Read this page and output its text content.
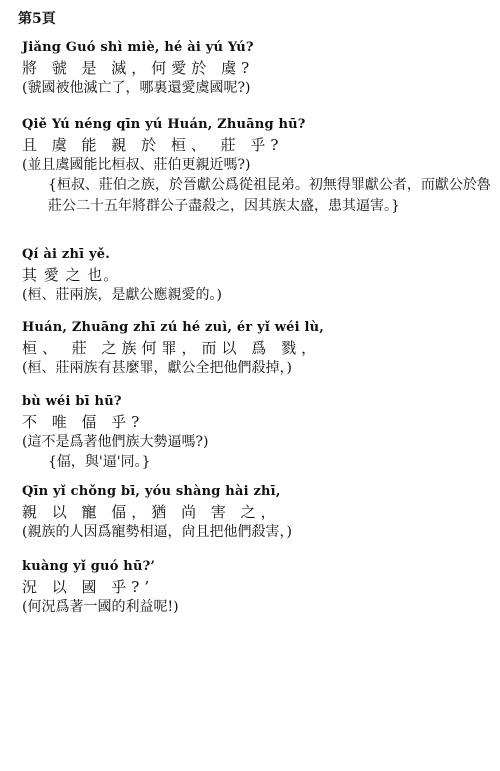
第5頁
Jiǎng Guó shì miè, hé ài yú Yú?
將 虢 是 滅，何愛於 虞?
(虢國被他滅亡了，哪裏還愛虞國呢?)
Qiě Yú néng qīn yú Huán, Zhuāng hū?
且 虞 能 親 於 桓、 莊 乎?
(並且虞國能比桓叔、莊伯更親近嗎?)
{桓叔、莊伯之族，於晉獻公爲從祖昆弟。初無得罪獻公者，而獻公於魯莊公二十五年將群公子盡殺之，因其族太盛，患其逼害。}
Qí ài zhī yě.
其 愛 之 也。
(桓、莊兩族，是獻公應親愛的。)
Huán, Zhuāng zhī zú hé zuì, ér yǐ wéi lù,
桓、 莊 之族何罪，而以 爲 戮，
(桓、莊兩族有甚麼罪，獻公全把他們殺掉，)
bù wéi bī hū?
不 唯 偪 乎?
(這不是爲著他們族大勢逼嗎?)
{偪，與'逼'同。}
Qīn yǐ chǒng bī, yóu shàng hài zhī,
親 以 寵 偪，猶 尚 害 之，
(親族的人因爲寵勢相逼，尙且把他們殺害，)
kuàng yǐ guó hū?’
況 以 國 乎?’
(何況爲著一國的利益呢!)
